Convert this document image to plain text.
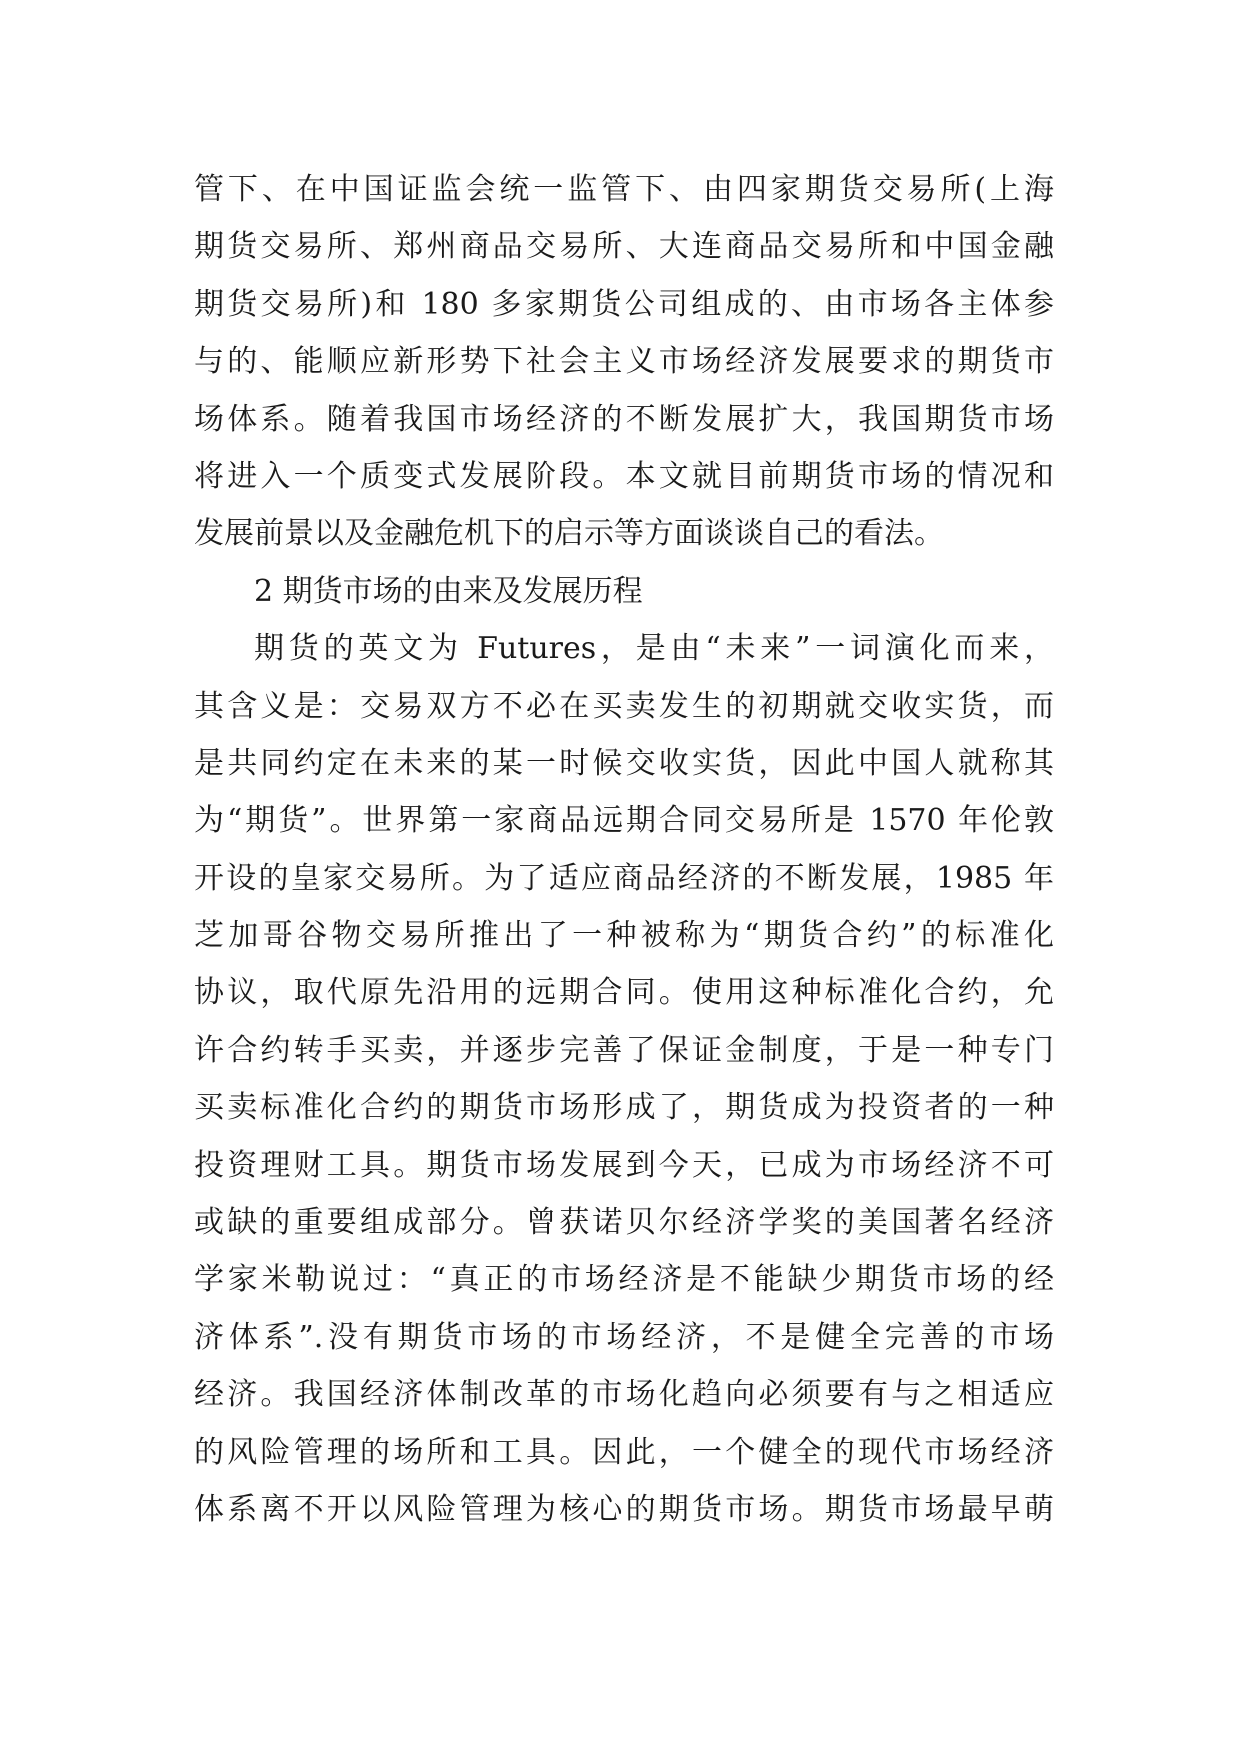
管下、在中国证监会统一监管下、由四家期货交易所(上海
期货交易所、郑州商品交易所、大连商品交易所和中国金融
期货交易所)和 180 多家期货公司组成的、由市场各主体参
与的、能顺应新形势下社会主义市场经济发展要求的期货市
场体系。随着我国市场经济的不断发展扩大，我国期货市场
将进入一个质变式发展阶段。本文就目前期货市场的情况和
发展前景以及金融危机下的启示等方面谈谈自己的看法。
2 期货市场的由来及发展历程
期货的英文为 Futures，是由“未来”一词演化而来，
其含义是：交易双方不必在买卖发生的初期就交收实货，而
是共同约定在未来的某一时候交收实货，因此中国人就称其
为“期货”。世界第一家商品远期合同交易所是 1570 年伦敦
开设的皇家交易所。为了适应商品经济的不断发展，1985 年
芝加哥谷物交易所推出了一种被称为“期货合约”的标准化
协议，取代原先沿用的远期合同。使用这种标准化合约，允
许合约转手买卖，并逐步完善了保证金制度，于是一种专门
买卖标准化合约的期货市场形成了，期货成为投资者的一种
投资理财工具。期货市场发展到今天，已成为市场经济不可
或缺的重要组成部分。曾获诺贝尔经济学奖的美国著名经济
学家米勒说过：“真正的市场经济是不能缺少期货市场的经
济体系”.没有期货市场的市场经济，不是健全完善的市场
经济。我国经济体制改革的市场化趋向必须要有与之相适应
的风险管理的场所和工具。因此，一个健全的现代市场经济
体系离不开以风险管理为核心的期货市场。期货市场最早萌
